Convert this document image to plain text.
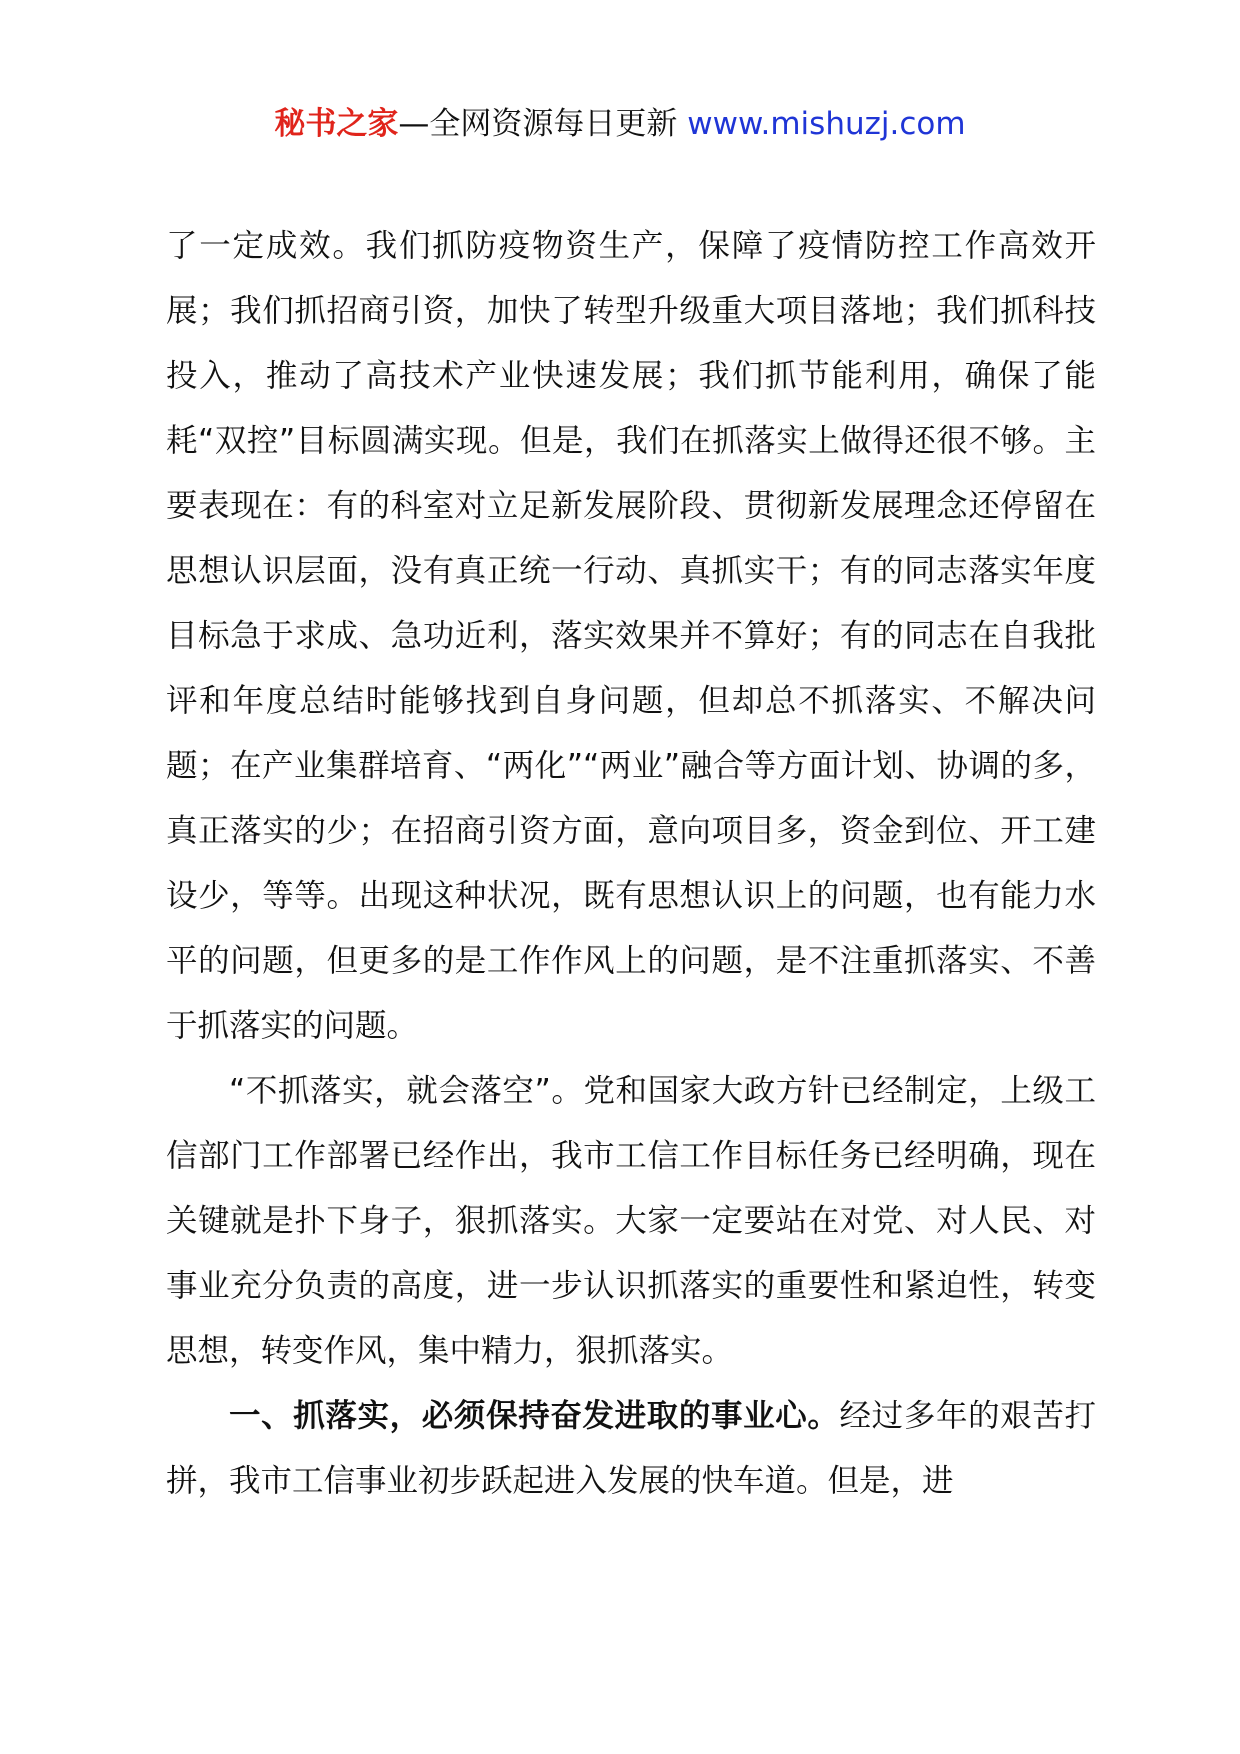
秘书之家—全网资源每日更新 www.mishuzj.com

了一定成效。我们抓防疫物资生产，保障了疫情防控工作高效开展；我们抓招商引资，加快了转型升级重大项目落地；我们抓科技投入，推动了高技术产业快速发展；我们抓节能利用，确保了能耗“双控”目标圆满实现。但是，我们在抓落实上做得还很不够。主要表现在：有的科室对立足新发展阶段、贯彻新发展理念还停留在思想认识层面，没有真正统一行动、真抓实干；有的同志落实年度目标急于求成、急功近利，落实效果并不算好；有的同志在自我批评和年度总结时能够找到自身问题，但却总不抓落实、不解决问题；在产业集群培育、“两化”“两业”融合等方面计划、协调的多，真正落实的少；在招商引资方面，意向项目多，资金到位、开工建设少，等等。出现这种状况，既有思想认识上的问题，也有能力水平的问题，但更多的是工作作风上的问题，是不注重抓落实、不善于抓落实的问题。

“不抓落实，就会落空”。党和国家大政方针已经制定，上级工信部门工作部署已经作出，我市工信工作目标任务已经明确，现在关键就是扑下身子，狠抓落实。大家一定要站在对党、对人民、对事业充分负责的高度，进一步认识抓落实的重要性和紧迫性，转变思想，转变作风，集中精力，狠抓落实。

一、抓落实，必须保持奋发进取的事业心。经过多年的艰苦打拼，我市工信事业初步跃起进入发展的快车道。但是，进
